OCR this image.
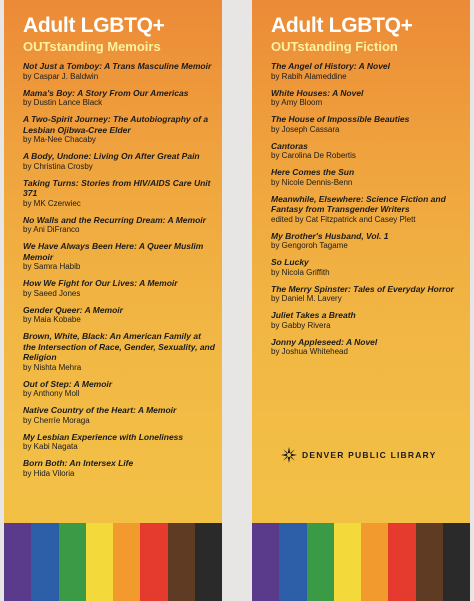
Adult LGBTQ+
OUTstanding Memoirs
Not Just a Tomboy: A Trans Masculine Memoir
by Caspar J. Baldwin
Mama's Boy: A Story From Our Americas
by Dustin Lance Black
A Two-Spirit Journey: The Autobiography of a Lesbian Ojibwa-Cree Elder
by Ma-Nee Chacaby
A Body, Undone: Living On After Great Pain
by Christina Crosby
Taking Turns: Stories from HIV/AIDS Care Unit 371
by MK Czerwiec
No Walls and the Recurring Dream: A Memoir
by Ani DiFranco
We Have Always Been Here: A Queer Muslim Memoir
by Samra Habib
How We Fight for Our Lives: A Memoir
by Saeed Jones
Gender Queer: A Memoir
by Maia Kobabe
Brown, White, Black: An American Family at the Intersection of Race, Gender, Sexuality, and Religion
by Nishta Mehra
Out of Step: A Memoir
by Anthony Moll
Native Country of the Heart: A Memoir
by Cherríe Moraga
My Lesbian Experience with Loneliness
by Kabi Nagata
Born Both: An Intersex Life
by Hida Viloria
Adult LGBTQ+
OUTstanding Fiction
The Angel of History: A Novel
by Rabih Alameddine
White Houses: A Novel
by Amy Bloom
The House of Impossible Beauties
by Joseph Cassara
Cantoras
by Carolina De Robertis
Here Comes the Sun
by Nicole Dennis-Benn
Meanwhile, Elsewhere: Science Fiction and Fantasy from Transgender Writers
edited by Cat Fitzpatrick and Casey Plett
My Brother's Husband, Vol. 1
by Gengoroh Tagame
So Lucky
by Nicola Griffith
The Merry Spinster: Tales of Everyday Horror
by Daniel M. Lavery
Juliet Takes a Breath
by Gabby Rivera
Jonny Appleseed: A Novel
by Joshua Whitehead
DENVER PUBLIC LIBRARY
